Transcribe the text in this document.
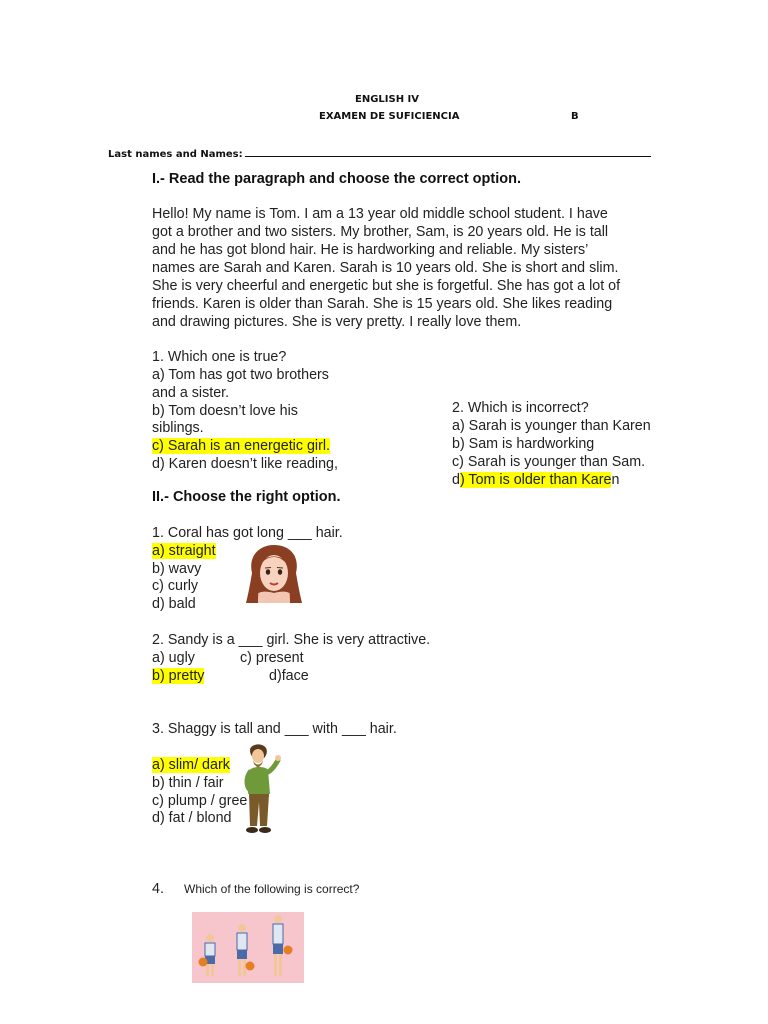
ENGLISH IV
EXAMEN DE SUFICIENCIA	B
Last names and Names:
I.- Read the paragraph and choose the correct option.
Hello! My name is Tom. I am a 13 year old middle school student. I have
got a brother and two sisters. My brother, Sam, is 20 years old. He is tall
and he has got blond hair. He is hardworking and reliable. My sisters’
names are Sarah and Karen. Sarah is 10 years old. She is short and slim.
She is very cheerful and energetic but she is forgetful. She has got a lot of
friends. Karen is older than Sarah. She is 15 years old. She likes reading
and drawing pictures. She is very pretty. I really love them.
1. Which one is true?
a) Tom has got two brothers
and a sister.
b) Tom doesn’t love his
siblings.
c) Sarah is an energetic girl.
d) Karen doesn’t like reading,
2. Which is incorrect?
a) Sarah is younger than Karen
b) Sam is hardworking
c) Sarah is younger than Sam.
d) Tom is older than Karen
II.- Choose the right option.
1. Coral has got long ___ hair.
a) straight
b) wavy
c) curly
d) bald
2. Sandy is a ___ girl. She is very attractive.
a) ugly	c) present
b) pretty	d)face
3. Shaggy is tall and ___ with ___ hair.
a) slim/ dark
b) thin / fair
c) plump / gree
d) fat / blond
4. Which of the following is correct?
